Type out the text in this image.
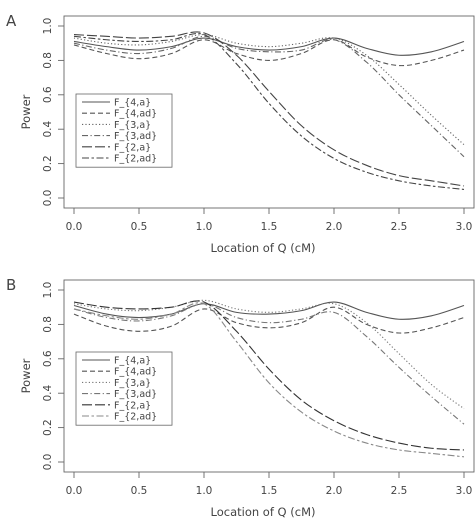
A
0.0	0.5	1.0	1.5	2.0	2.5	3.0
0.0
0.2
0.4
0.6
0.8
1.0
Location of Q (cM)
Power	F_{4,a}
F_{4,ad}
F_{3,a}
F_{3,ad}
F_{2,a}
F_{2,ad}
B
0.0	0.5	1.0	1.5	2.0	2.5	3.0
0.0
0.2
0.4
0.6
0.8
1.0
Location of Q (cM)
Power	F_{4,a}
F_{4,ad}
F_{3,a}
F_{3,ad}
F_{2,a}
F_{2,ad}
